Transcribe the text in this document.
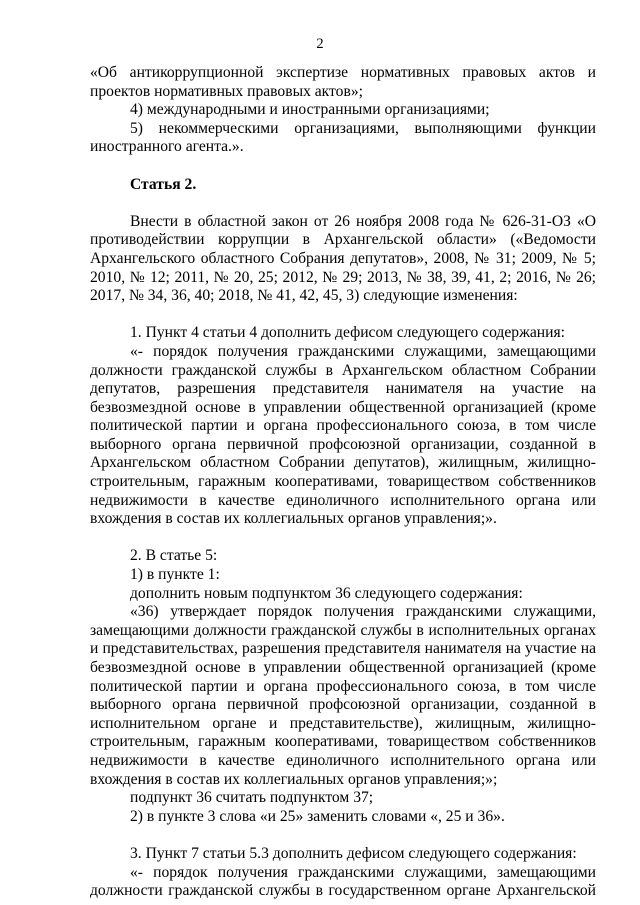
2

«Об антикоррупционной экспертизе нормативных правовых актов и проектов нормативных правовых актов»;

4) международными и иностранными организациями;

5) некоммерческими организациями, выполняющими функции иностранного агента.».

Статья 2.

Внести в областной закон от 26 ноября 2008 года № 626-31-ОЗ «О противодействии коррупции в Архангельской области» («Ведомости Архангельского областного Собрания депутатов», 2008, № 31; 2009, № 5; 2010, № 12; 2011, № 20, 25; 2012, № 29; 2013, № 38, 39, 41, 2; 2016, № 26; 2017, № 34, 36, 40; 2018, № 41, 42, 45, 3) следующие изменения:

1. Пункт 4 статьи 4 дополнить дефисом следующего содержания:

«- порядок получения гражданскими служащими, замещающими должности гражданской службы в Архангельском областном Собрании депутатов, разрешения представителя нанимателя на участие на безвозмездной основе в управлении общественной организацией (кроме политической партии и органа профессионального союза, в том числе выборного органа первичной профсоюзной организации, созданной в Архангельском областном Собрании депутатов), жилищным, жилищно-строительным, гаражным кооперативами, товариществом собственников недвижимости в качестве единоличного исполнительного органа или вхождения в состав их коллегиальных органов управления;».

2. В статье 5:

1) в пункте 1:

дополнить новым подпунктом 36 следующего содержания:

«36) утверждает порядок получения гражданскими служащими, замещающими должности гражданской службы в исполнительных органах и представительствах, разрешения представителя нанимателя на участие на безвозмездной основе в управлении общественной организацией (кроме политической партии и органа профессионального союза, в том числе выборного органа первичной профсоюзной организации, созданной в исполнительном органе и представительстве), жилищным, жилищно-строительным, гаражным кооперативами, товариществом собственников недвижимости в качестве единоличного исполнительного органа или вхождения в состав их коллегиальных органов управления;»;

подпункт 36 считать подпунктом 37;

2) в пункте 3 слова «и 25» заменить словами «, 25 и 36».

3. Пункт 7 статьи 5.3 дополнить дефисом следующего содержания:

«- порядок получения гражданскими служащими, замещающими должности гражданской службы в государственном органе Архангельской
